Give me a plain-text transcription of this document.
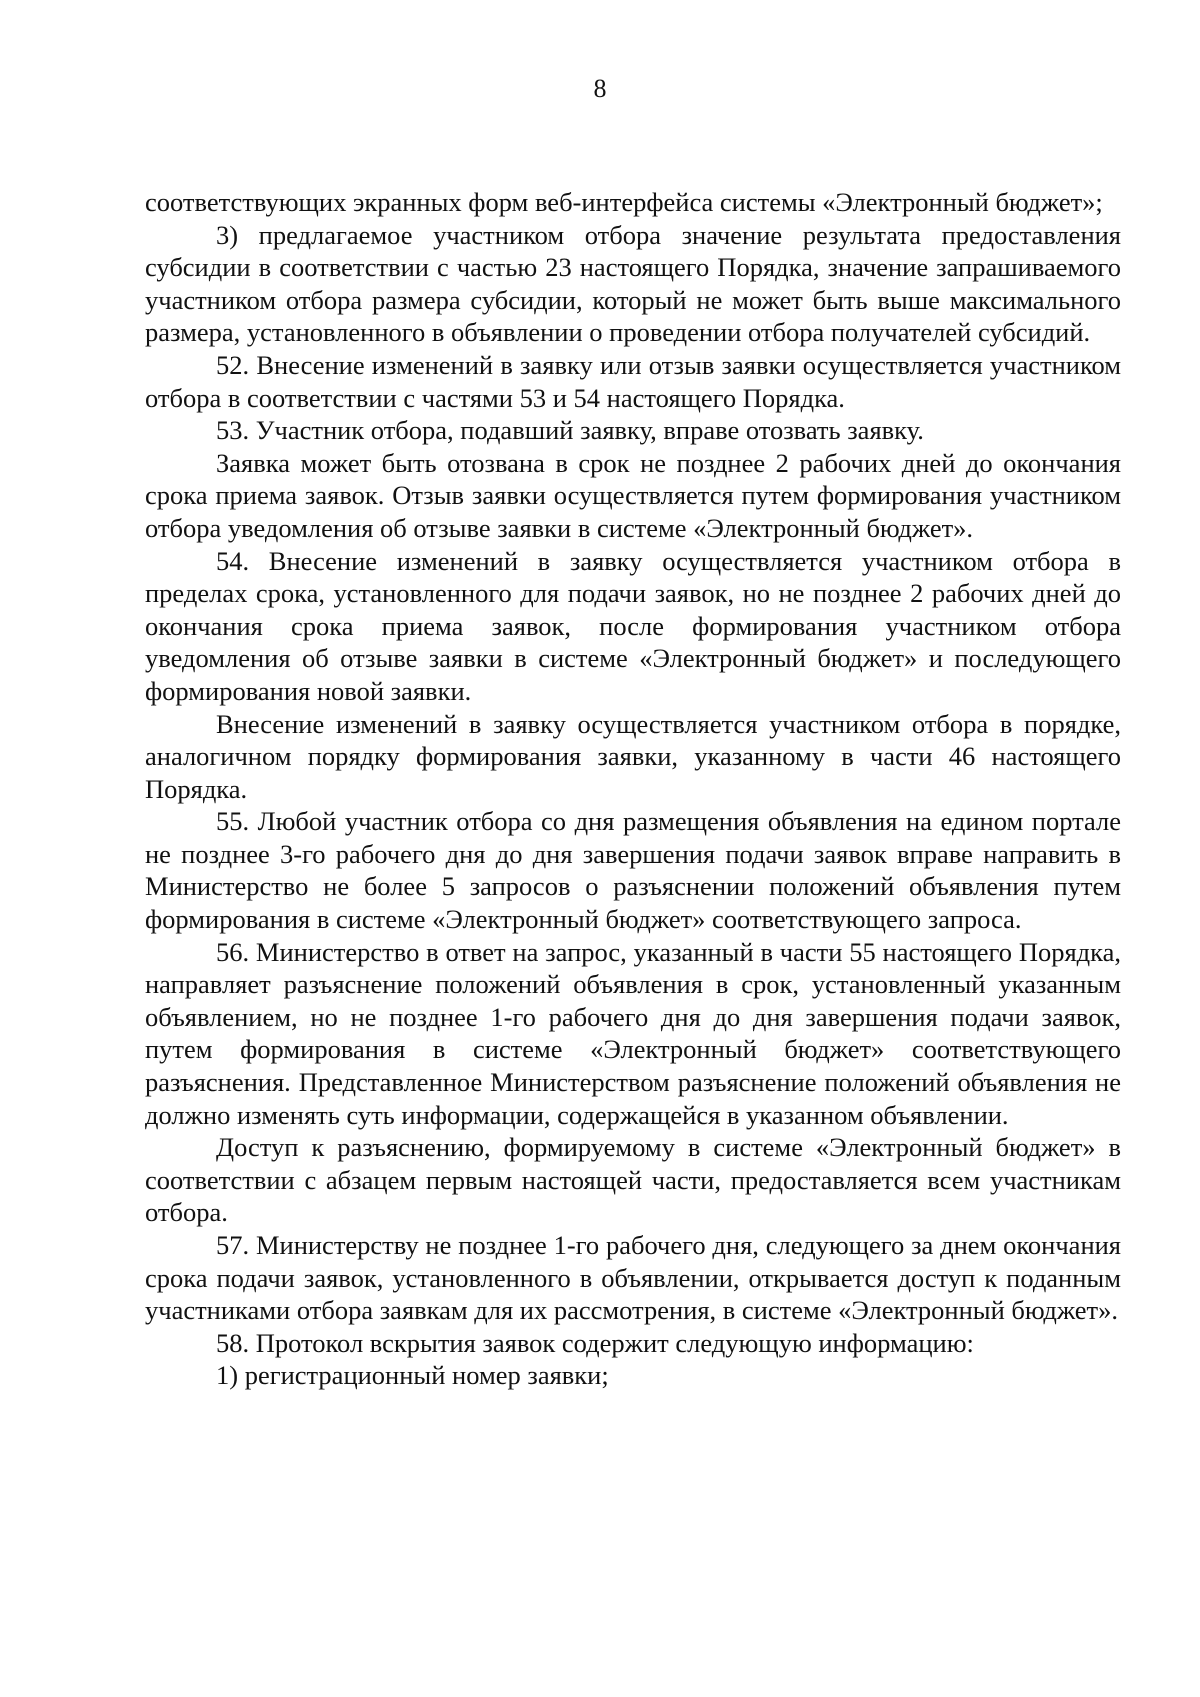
8

соответствующих экранных форм веб-интерфейса системы «Электронный бюджет»;

3) предлагаемое участником отбора значение результата предоставления субсидии в соответствии с частью 23 настоящего Порядка, значение запрашиваемого участником отбора размера субсидии, который не может быть выше максимального размера, установленного в объявлении о проведении отбора получателей субсидий.

52. Внесение изменений в заявку или отзыв заявки осуществляется участником отбора в соответствии с частями 53 и 54 настоящего Порядка.

53. Участник отбора, подавший заявку, вправе отозвать заявку.

Заявка может быть отозвана в срок не позднее 2 рабочих дней до окончания срока приема заявок. Отзыв заявки осуществляется путем формирования участником отбора уведомления об отзыве заявки в системе «Электронный бюджет».

54. Внесение изменений в заявку осуществляется участником отбора в пределах срока, установленного для подачи заявок, но не позднее 2 рабочих дней до окончания срока приема заявок, после формирования участником отбора уведомления об отзыве заявки в системе «Электронный бюджет» и последующего формирования новой заявки.

Внесение изменений в заявку осуществляется участником отбора в порядке, аналогичном порядку формирования заявки, указанному в части 46 настоящего Порядка.

55. Любой участник отбора со дня размещения объявления на едином портале не позднее 3-го рабочего дня до дня завершения подачи заявок вправе направить в Министерство не более 5 запросов о разъяснении положений объявления путем формирования в системе «Электронный бюджет» соответствующего запроса.

56. Министерство в ответ на запрос, указанный в части 55 настоящего Порядка, направляет разъяснение положений объявления в срок, установленный указанным объявлением, но не позднее 1-го рабочего дня до дня завершения подачи заявок, путем формирования в системе «Электронный бюджет» соответствующего разъяснения. Представленное Министерством разъяснение положений объявления не должно изменять суть информации, содержащейся в указанном объявлении.

Доступ к разъяснению, формируемому в системе «Электронный бюджет» в соответствии с абзацем первым настоящей части, предоставляется всем участникам отбора.

57. Министерству не позднее 1-го рабочего дня, следующего за днем окончания срока подачи заявок, установленного в объявлении, открывается доступ к поданным участниками отбора заявкам для их рассмотрения, в системе «Электронный бюджет».

58. Протокол вскрытия заявок содержит следующую информацию:

1) регистрационный номер заявки;
